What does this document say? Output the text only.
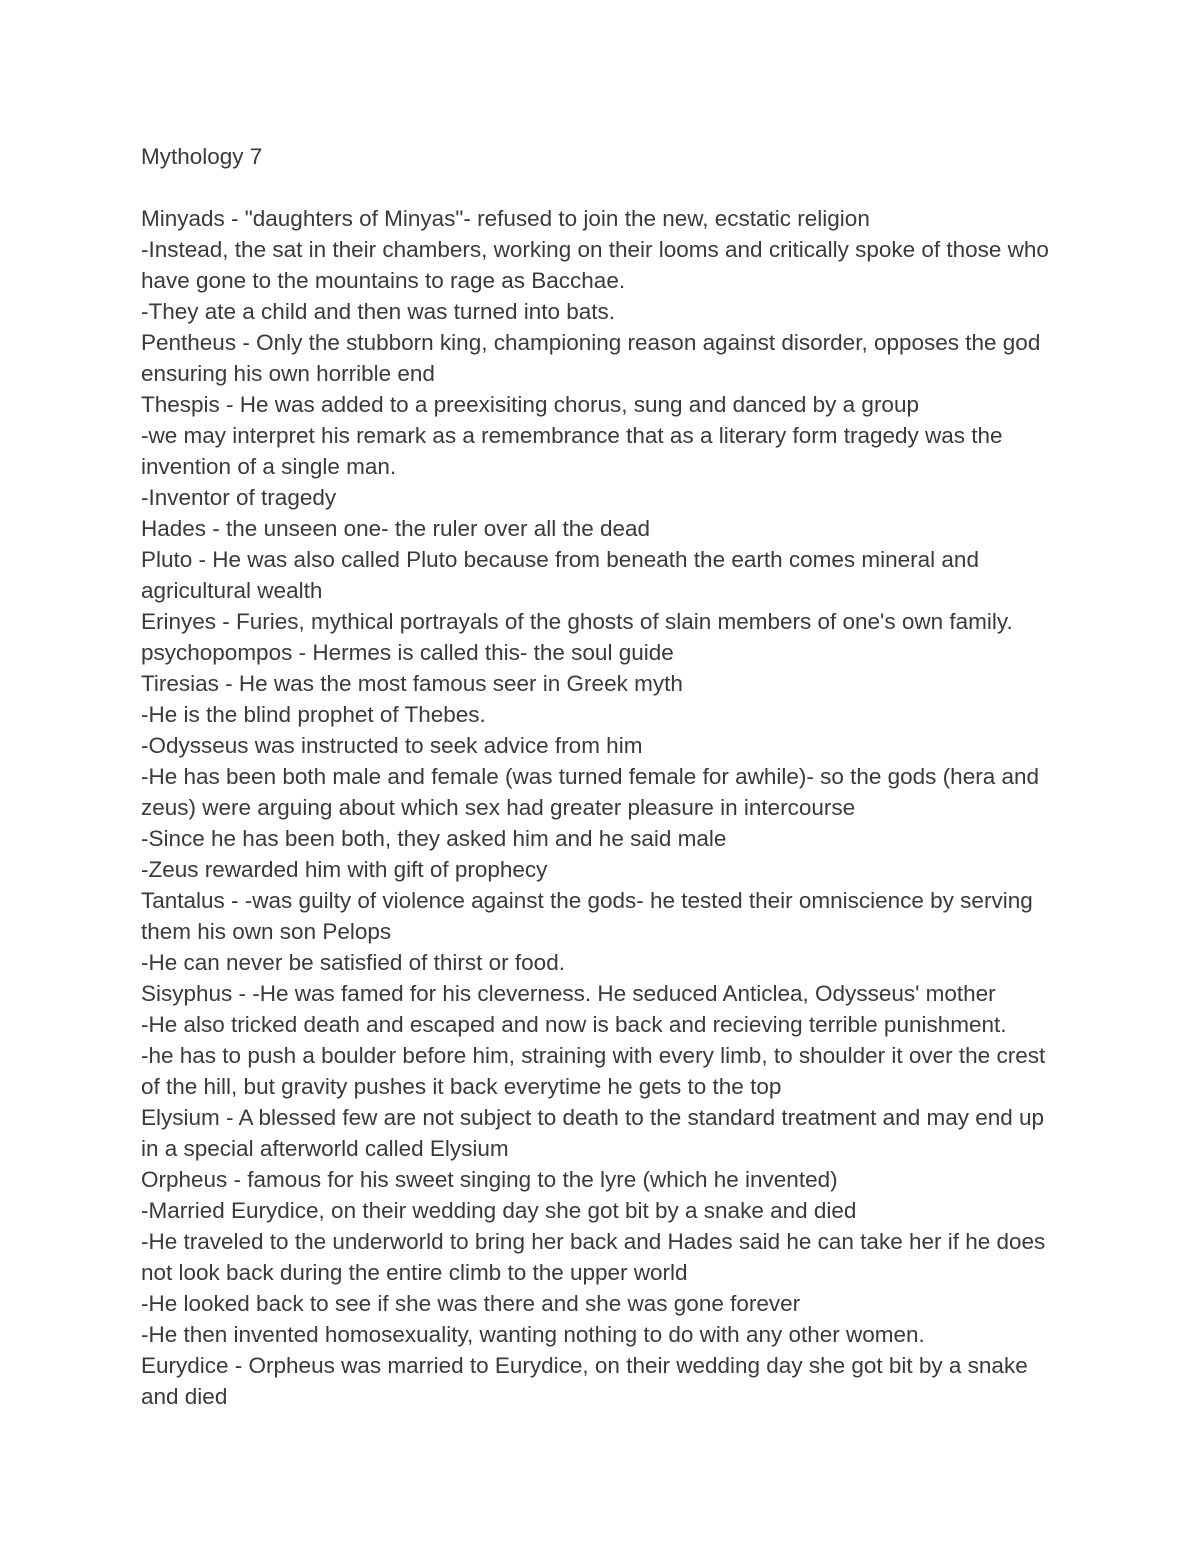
Mythology 7

Minyads - "daughters of Minyas"- refused to join the new, ecstatic religion

-Instead, the sat in their chambers, working on their looms and critically spoke of those who have gone to the mountains to rage as Bacchae.

-They ate a child and then was turned into bats.

Pentheus - Only the stubborn king, championing reason against disorder, opposes the god ensuring his own horrible end

Thespis - He was added to a preexisiting chorus, sung and danced by a group

-we may interpret his remark as a remembrance that as a literary form tragedy was the invention of a single man.

-Inventor of tragedy

Hades - the unseen one- the ruler over all the dead

Pluto - He was also called Pluto because from beneath the earth comes mineral and agricultural wealth

Erinyes - Furies, mythical portrayals of the ghosts of slain members of one's own family.

psychopompos - Hermes is called this- the soul guide

Tiresias - He was the most famous seer in Greek myth

-He is the blind prophet of Thebes.

-Odysseus was instructed to seek advice from him

-He has been both male and female (was turned female for awhile)- so the gods (hera and zeus) were arguing about which sex had greater pleasure in intercourse

-Since he has been both, they asked him and he said male

-Zeus rewarded him with gift of prophecy

Tantalus - -was guilty of violence against the gods- he tested their omniscience by serving them his own son Pelops

-He can never be satisfied of thirst or food.

Sisyphus - -He was famed for his cleverness. He seduced Anticlea, Odysseus' mother

-He also tricked death and escaped and now is back and recieving terrible punishment.

-he has to push a boulder before him, straining with every limb, to shoulder it over the crest of the hill, but gravity pushes it back everytime he gets to the top

Elysium - A blessed few are not subject to death to the standard treatment and may end up in a special afterworld called Elysium

Orpheus - famous for his sweet singing to the lyre (which he invented)

-Married Eurydice, on their wedding day she got bit by a snake and died

-He traveled to the underworld to bring her back and Hades said he can take her if he does not look back during the entire climb to the upper world

-He looked back to see if she was there and she was gone forever

-He then invented homosexuality, wanting nothing to do with any other women.

Eurydice - Orpheus was married to Eurydice, on their wedding day she got bit by a snake and died
